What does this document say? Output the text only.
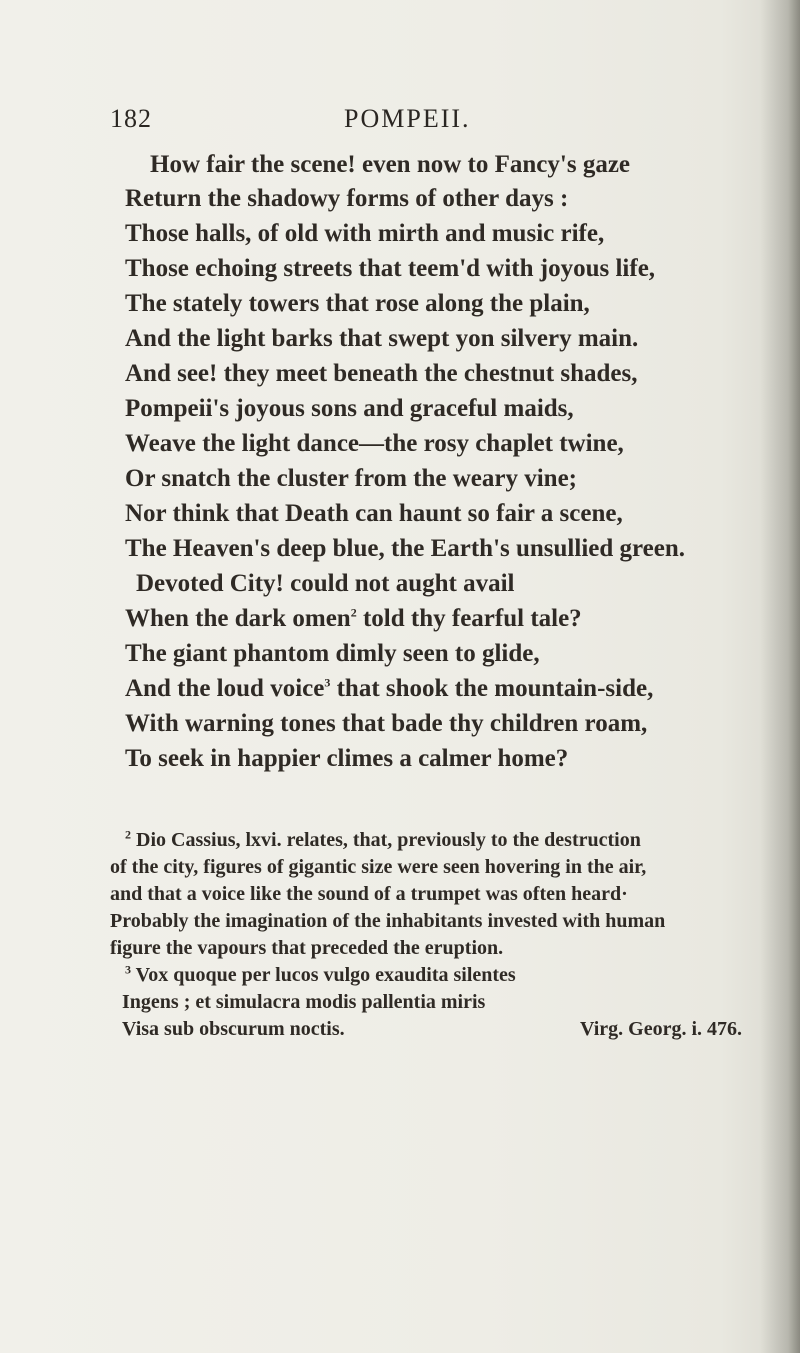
182	POMPEII.
How fair the scene! even now to Fancy's gaze
Return the shadowy forms of other days :
Those halls, of old with mirth and music rife,
Those echoing streets that teem'd with joyous life,
The stately towers that rose along the plain,
And the light barks that swept yon silvery main.
And see! they meet beneath the chestnut shades,
Pompeii's joyous sons and graceful maids,
Weave the light dance—the rosy chaplet twine,
Or snatch the cluster from the weary vine;
Nor think that Death can haunt so fair a scene,
The Heaven's deep blue, the Earth's unsullied green.
Devoted City! could not aught avail
When the dark omen$^2$ told thy fearful tale?
The giant phantom dimly seen to glide,
And the loud voice$^3$ that shook the mountain-side,
With warning tones that bade thy children roam,
To seek in happier climes a calmer home?
$^2$ Dio Cassius, lxvi. relates, that, previously to the destruction
of the city, figures of gigantic size were seen hovering in the air,
and that a voice like the sound of a trumpet was often heard·
Probably the imagination of the inhabitants invested with human
figure the vapours that preceded the eruption.
$^3$ Vox quoque per lucos vulgo exaudita silentes
Ingens ; et simulacra modis pallentia miris
Visa sub obscurum noctis.	Virg. Georg. i. 476.
